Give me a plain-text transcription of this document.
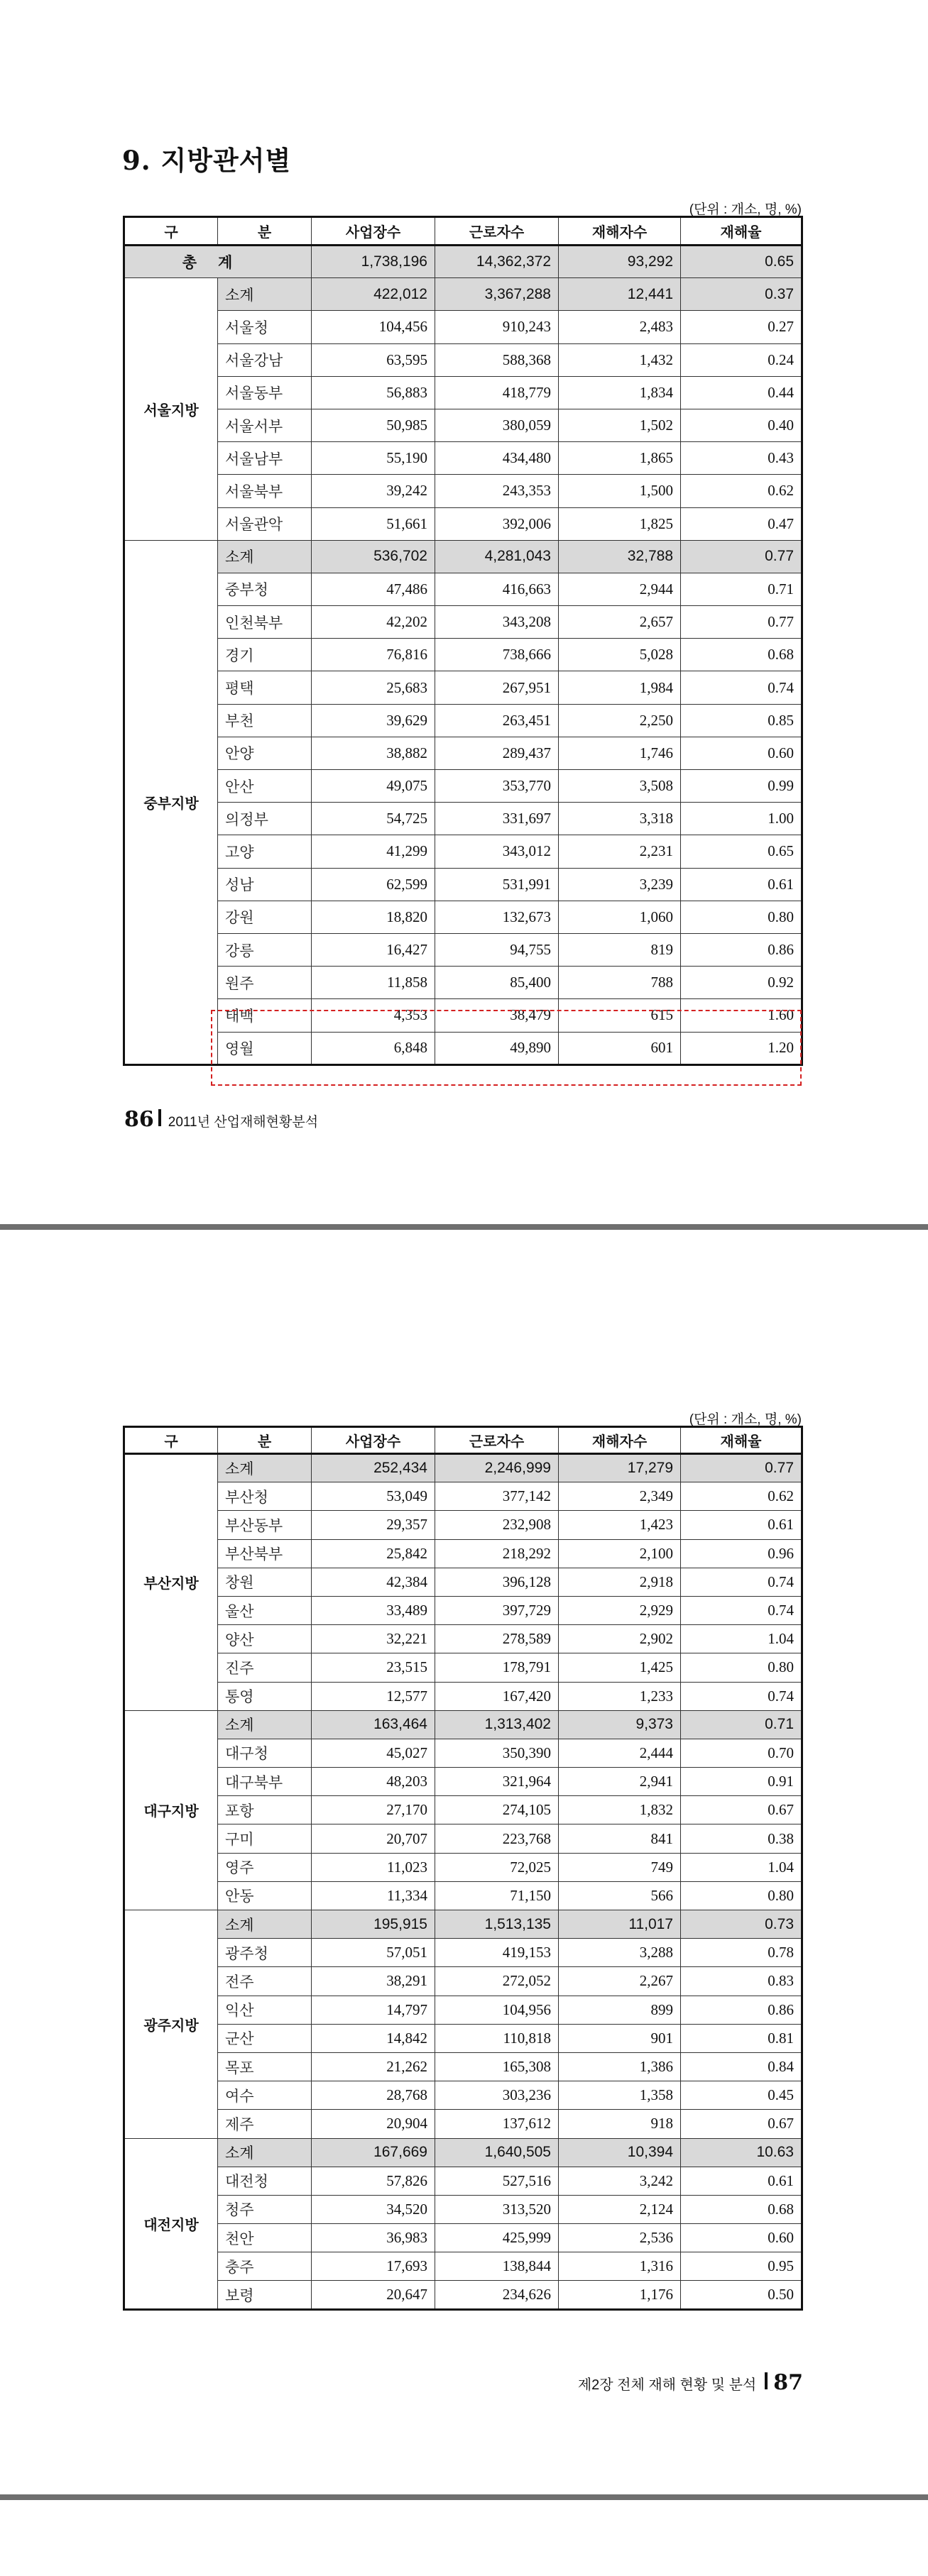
9. 지방관서별
(단위 : 개소, 명, %)
구	분	사업장수	근로자수	재해자수	재해율
총계		1,738,196	14,362,372	93,292	0.65
서울지방	소계	422,012	3,367,288	12,441	0.37
	서울청	104,456	910,243	2,483	0.27
	서울강남	63,595	588,368	1,432	0.24
	서울동부	56,883	418,779	1,834	0.44
	서울서부	50,985	380,059	1,502	0.40
	서울남부	55,190	434,480	1,865	0.43
	서울북부	39,242	243,353	1,500	0.62
	서울관악	51,661	392,006	1,825	0.47
중부지방	소계	536,702	4,281,043	32,788	0.77
	중부청	47,486	416,663	2,944	0.71
	인천북부	42,202	343,208	2,657	0.77
	경기	76,816	738,666	5,028	0.68
	평택	25,683	267,951	1,984	0.74
	부천	39,629	263,451	2,250	0.85
	안양	38,882	289,437	1,746	0.60
	안산	49,075	353,770	3,508	0.99
	의정부	54,725	331,697	3,318	1.00
	고양	41,299	343,012	2,231	0.65
	성남	62,599	531,991	3,239	0.61
	강원	18,820	132,673	1,060	0.80
	강릉	16,427	94,755	819	0.86
	원주	11,858	85,400	788	0.92
	태백	4,353	38,479	615	1.60
	영월	6,848	49,890	601	1.20
86 2011년 산업재해현황분석
(단위 : 개소, 명, %)
구	분	사업장수	근로자수	재해자수	재해율
부산지방	소계	252,434	2,246,999	17,279	0.77
	부산청	53,049	377,142	2,349	0.62
	부산동부	29,357	232,908	1,423	0.61
	부산북부	25,842	218,292	2,100	0.96
	창원	42,384	396,128	2,918	0.74
	울산	33,489	397,729	2,929	0.74
	양산	32,221	278,589	2,902	1.04
	진주	23,515	178,791	1,425	0.80
	통영	12,577	167,420	1,233	0.74
대구지방	소계	163,464	1,313,402	9,373	0.71
	대구청	45,027	350,390	2,444	0.70
	대구북부	48,203	321,964	2,941	0.91
	포항	27,170	274,105	1,832	0.67
	구미	20,707	223,768	841	0.38
	영주	11,023	72,025	749	1.04
	안동	11,334	71,150	566	0.80
광주지방	소계	195,915	1,513,135	11,017	0.73
	광주청	57,051	419,153	3,288	0.78
	전주	38,291	272,052	2,267	0.83
	익산	14,797	104,956	899	0.86
	군산	14,842	110,818	901	0.81
	목포	21,262	165,308	1,386	0.84
	여수	28,768	303,236	1,358	0.45
	제주	20,904	137,612	918	0.67
대전지방	소계	167,669	1,640,505	10,394	10.63
	대전청	57,826	527,516	3,242	0.61
	청주	34,520	313,520	2,124	0.68
	천안	36,983	425,999	2,536	0.60
	충주	17,693	138,844	1,316	0.95
	보령	20,647	234,626	1,176	0.50
제2장 전체 재해 현황 및 분석 87
